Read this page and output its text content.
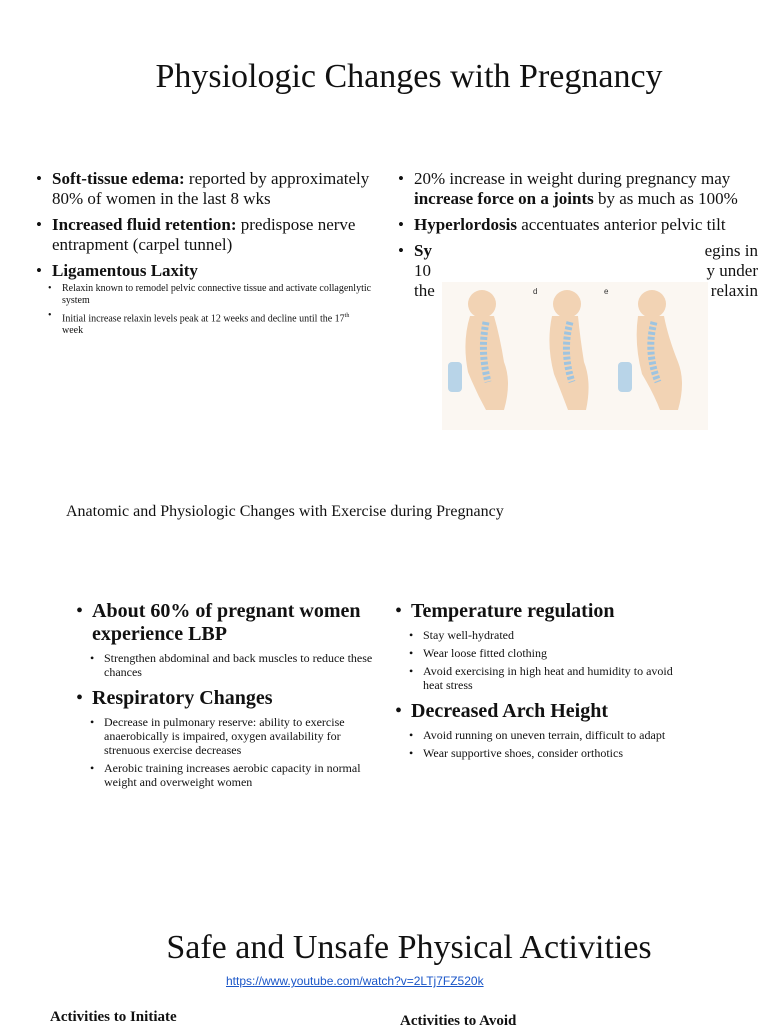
Physiologic Changes with Pregnancy
• Soft-tissue edema: reported by approximately 80% of women in the last 8 wks
• Increased fluid retention: predispose nerve entrapment (carpel tunnel)
• Ligamentous Laxity
• Relaxin known to remodel pelvic connective tissue and activate collagenlytic system
• Initial increase relaxin levels peak at 12 weeks and decline until the 17th week
• 20% increase in weight during pregnancy may increase force on a joints by as much as 100%
• Hyperlordosis accentuates anterior pelvic tilt
• Sy	egins in
10	y under
the	relaxin
d	e
Anatomic and Physiologic Changes with Exercise during Pregnancy
• About 60% of pregnant women experience LBP
• Strengthen abdominal and back muscles to reduce these chances
• Respiratory Changes
• Decrease in pulmonary reserve: ability to exercise anaerobically is impaired, oxygen availability for strenuous exercise decreases
• Aerobic training increases aerobic capacity in normal weight and overweight women
• Temperature regulation
• Stay well-hydrated
• Wear loose fitted clothing
• Avoid exercising in high heat and humidity to avoid heat stress
• Decreased Arch Height
• Avoid running on uneven terrain, difficult to adapt
• Wear supportive shoes, consider orthotics
Safe and Unsafe Physical Activities
https://www.youtube.com/watch?v=2LTj7FZ520k
Activities to Initiate	Activities to Avoid
